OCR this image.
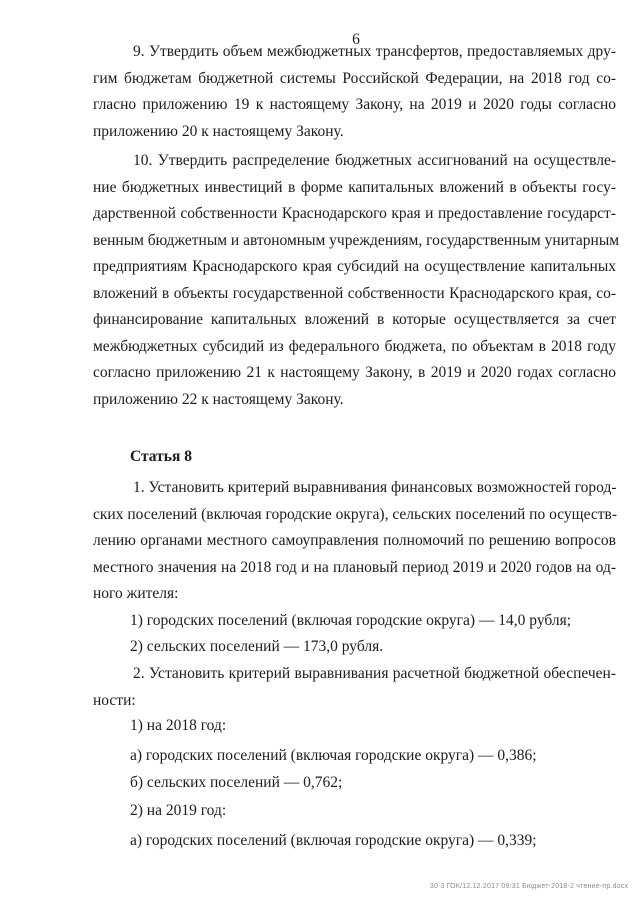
6
9. Утвердить объем межбюджетных трансфертов, предоставляемых дру-
гим бюджетам бюджетной системы Российской Федерации, на 2018 год со-
гласно приложению 19 к настоящему Закону, на 2019 и 2020 годы согласно
приложению 20 к настоящему Закону.
10. Утвердить распределение бюджетных ассигнований на осуществле-
ние бюджетных инвестиций в форме капитальных вложений в объекты госу-
дарственной собственности Краснодарского края и предоставление государст-
венным бюджетным и автономным учреждениям, государственным унитарным
предприятиям Краснодарского края субсидий на осуществление капитальных
вложений в объекты государственной собственности Краснодарского края, со-
финансирование капитальных вложений в которые осуществляется за счет
межбюджетных субсидий из федерального бюджета, по объектам в 2018 году
согласно приложению 21 к настоящему Закону, в 2019 и 2020 годах согласно
приложению 22 к настоящему Закону.
Статья 8
1. Установить критерий выравнивания финансовых возможностей город-
ских поселений (включая городские округа), сельских поселений по осуществ-
лению органами местного самоуправления полномочий по решению вопросов
местного значения на 2018 год и на плановый период 2019 и 2020 годов на од-
ного жителя:
1) городских поселений (включая городские округа) — 14,0 рубля;
2) сельских поселений — 173,0 рубля.
2. Установить критерий выравнивания расчетной бюджетной обеспечен-
ности:
1) на 2018 год:
а) городских поселений (включая городские округа) — 0,386;
б) сельских поселений — 0,762;
2) на 2019 год:
а) городских поселений (включая городские округа) — 0,339;
30 3 ГОК/12.12.2017 09:31 Бюджет-2018-2 чтение-пр.docx
